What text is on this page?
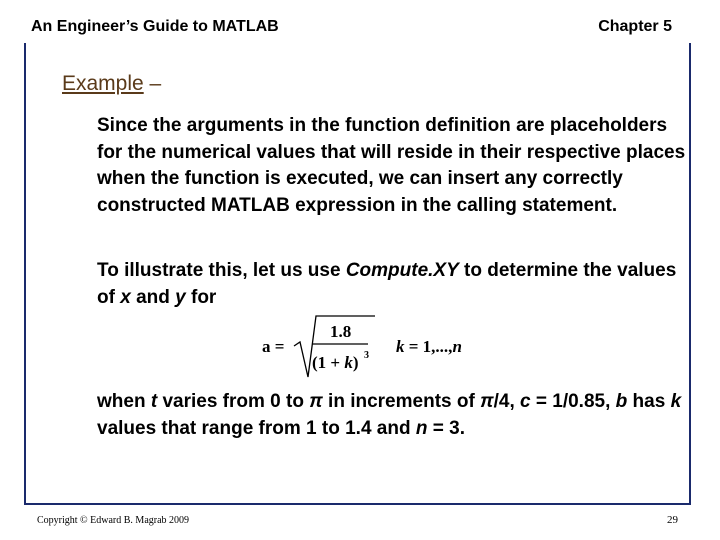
An Engineer’s Guide to MATLAB	Chapter 5
Example –
Since the arguments in the function definition are placeholders for the numerical values that will reside in their respective places when the function is executed, we can insert any correctly constructed MATLAB expression in the calling statement.
To illustrate this, let us use Compute.XY to determine the values of x and y for
a =
1.8
(1 + k) 3 k = 1,...,n
when t varies from 0 to π in increments of π/4, c = 1/0.85, b has k values that range from 1 to 1.4 and n = 3.
Copyright © Edward B. Magrab 2009	29
